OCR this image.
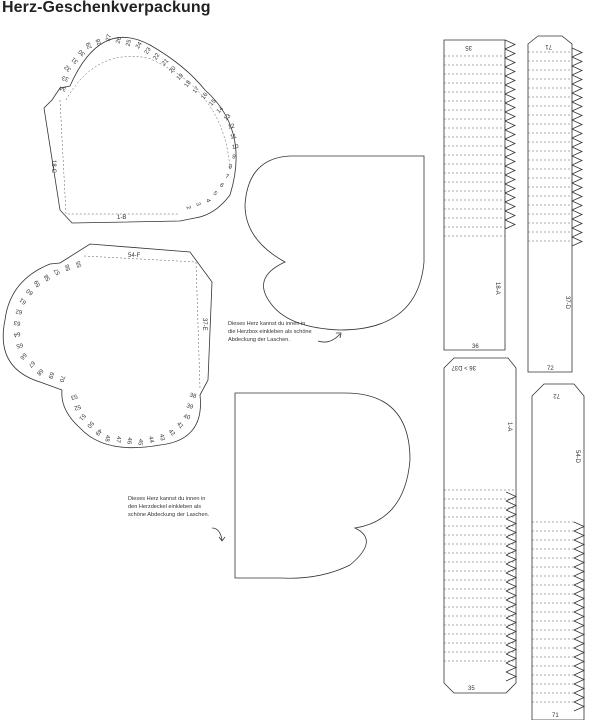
Herz-Geschenkverpackung
18-C
1-B
2
3
4
5
6
7
8
9
10
11
12
13
14
15
16
17
18
19
20
21
22
23
24
25
26
27
28
29
30
31
32
33
34
54-F
37-E
55
56
57
58
59
60
61
62
63
64
65
66
67
68 69 70
53
52
51
50
49
48 47 46 45 44 43 42
41
40
39
38
Dieses Herz kannst du innen in
die Herzbox einkleben als schöne
Abdeckung der Laschen.
Dieses Herz kannst du innen in
den Herzdeckel einkleben als
schöne Abdeckung der Laschen.
35
18-A
36
71
37-D
72
36 > D37
1-A
35
72
54-D
71
